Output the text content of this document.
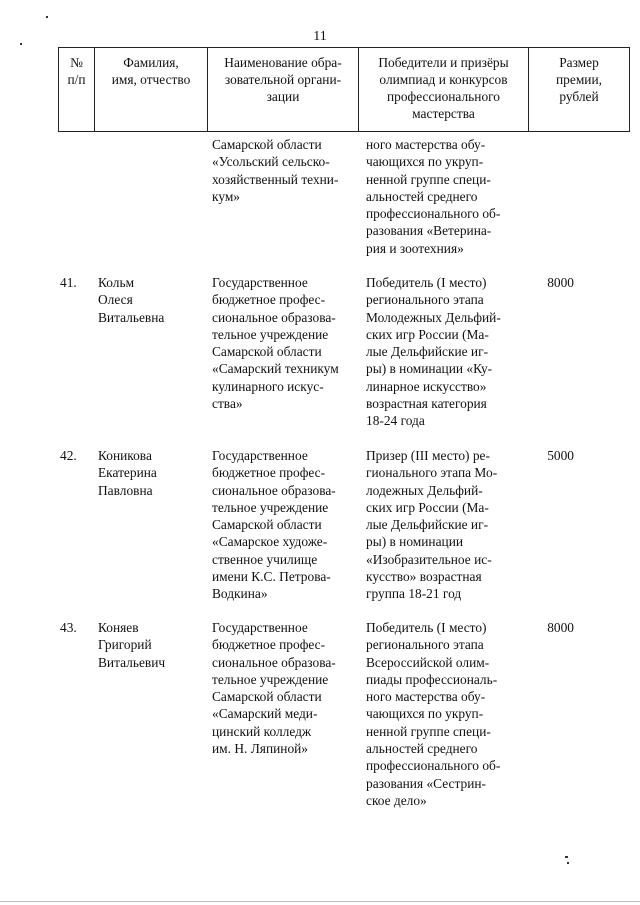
11
№
п/п
Фамилия,
имя, отчество
Наименование обра-
зовательной органи-
зации
Победители и призёры
олимпиад и конкурсов
профессионального
мастерства
Размер
премии,
рублей
Самарской области
«Усольский сельско-
хозяйственный техни-
кум»
ного мастерства обу-
чающихся по укруп-
ненной группе специ-
альностей среднего
профессионального об-
разования «Ветерина-
рия и зоотехния»
41. Кольм
Олеся
Витальевна
Государственное
бюджетное профес-
сиональное образова-
тельное учреждение
Самарской области
«Самарский техникум
кулинарного искус-
ства»
Победитель (I место)
регионального этапа
Молодежных Дельфий-
ских игр России (Ма-
лые Дельфийские иг-
ры) в номинации «Ку-
линарное искусство»
возрастная категория
18-24 года
8000
42. Коникова
Екатерина
Павловна
Государственное
бюджетное профес-
сиональное образова-
тельное учреждение
Самарской области
«Самарское художе-
ственное училище
имени К.С. Петрова-
Водкина»
Призер (III место) ре-
гионального этапа Мо-
лодежных Дельфий-
ских игр России (Ма-
лые Дельфийские иг-
ры) в номинации
«Изобразительное ис-
кусство» возрастная
группа 18-21 год
5000
43. Коняев
Григорий
Витальевич
Государственное
бюджетное профес-
сиональное образова-
тельное учреждение
Самарской области
«Самарский меди-
цинский колледж
им. Н. Ляпиной»
Победитель (I место)
регионального этапа
Всероссийской олим-
пиады профессиональ-
ного мастерства обу-
чающихся по укруп-
ненной группе специ-
альностей среднего
профессионального об-
разования «Сестрин-
ское дело»
8000
